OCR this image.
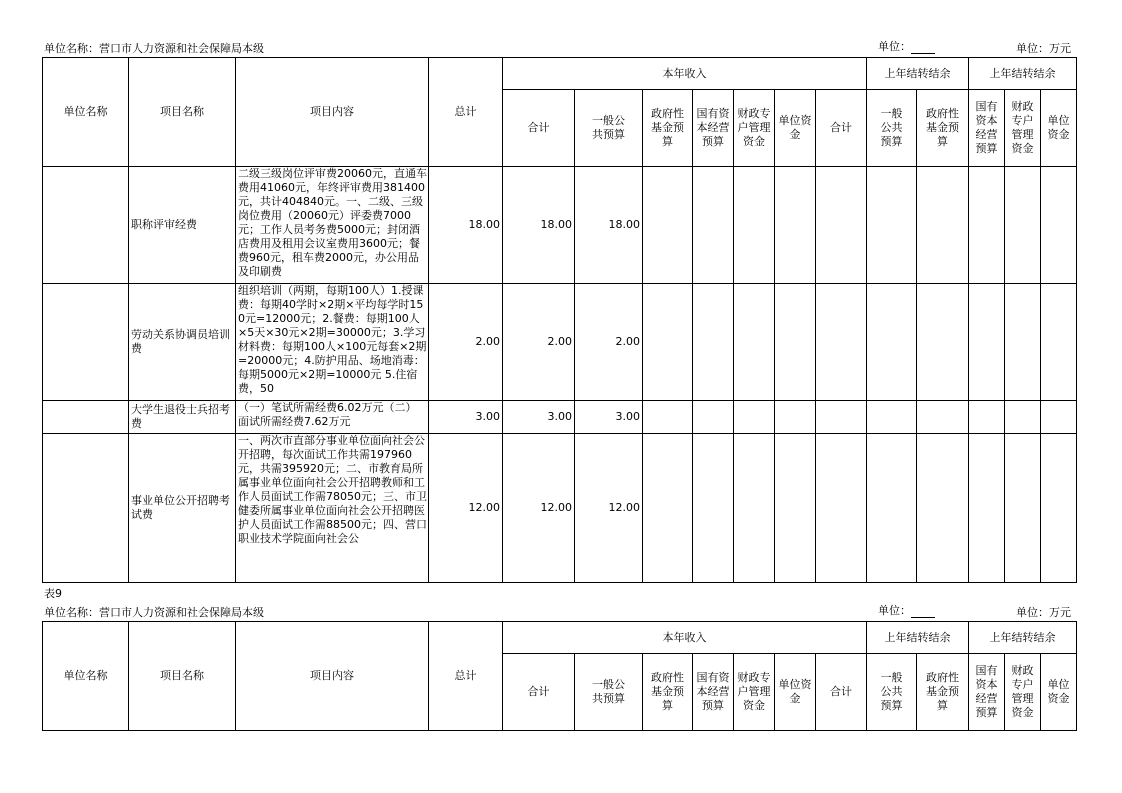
单位名称：营口市人力资源和社会保障局本级	单位：	单位：万元
单位名称	项目名称	项目内容	总计	本年收入							上年结转结余		上年结转结余		
				合计	一般公共预算	政府性基金预算	国有资本经营预算	财政专户管理资金	单位资金	合计	一般公共预算	政府性基金预算	国有资本经营预算	财政专户管理资金	单位资金

	职称评审经费	二级三级岗位评审费20060元，直通车费用41060元，年终评审费用381400元，共计404840元。一、二级、三级岗位费用（20060元）评委费7000元；工作人员考务费5000元；封闭酒店费用及租用会议室费用3600元；餐费960元，租车费2000元，办公用品及印刷费	18.00	18.00	18.00										
	劳动关系协调员培训费	组织培训（两期，每期100人）1.授课费：每期40学时×2期×平均每学时150元=12000元；2.餐费：每期100人×5天×30元×2期=30000元；3.学习材料费：每期100人×100元每套×2期=20000元；4.防护用品、场地消毒：每期5000元×2期=10000元 5.住宿费，50	2.00	2.00	2.00										
	大学生退役士兵招考费	（一）笔试所需经费6.02万元（二）面试所需经费7.62万元	3.00	3.00	3.00										
	事业单位公开招聘考试费	一、两次市直部分事业单位面向社会公开招聘，每次面试工作共需197960元，共需395920元；二、市教育局所属事业单位面向社会公开招聘教师和工作人员面试工作需78050元；三、市卫健委所属事业单位面向社会公开招聘医护人员面试工作需88500元；四、营口职业技术学院面向社会公	12.00	12.00	12.00										
表9
单位名称：营口市人力资源和社会保障局本级	单位：	单位：万元
单位名称	项目名称	项目内容	总计	本年收入							上年结转结余		上年结转结余		
				合计	一般公共预算	政府性基金预算	国有资本经营预算	财政专户管理资金	单位资金	合计	一般公共预算	政府性基金预算	国有资本经营预算	财政专户管理资金	单位资金
